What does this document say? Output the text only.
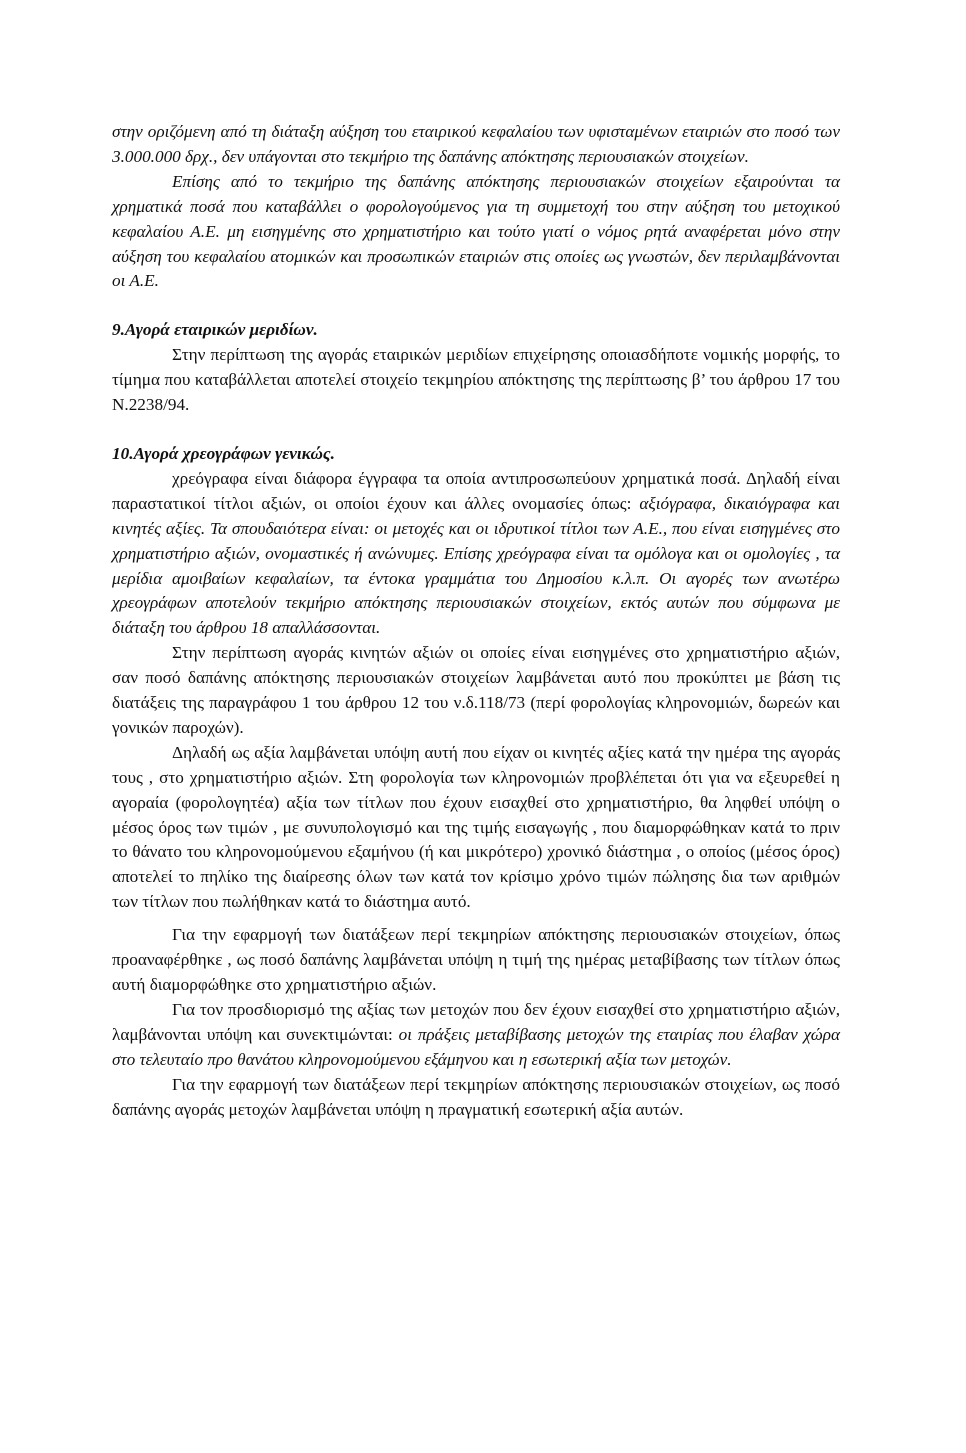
στην οριζόμενη από τη διάταξη αύξηση του εταιρικού κεφαλαίου των υφισταμένων εταιριών στο ποσό των 3.000.000 δρχ., δεν υπάγονται στο τεκμήριο της δαπάνης απόκτησης περιουσιακών στοιχείων.

Επίσης από το τεκμήριο της δαπάνης απόκτησης περιουσιακών στοιχείων εξαιρούνται τα χρηματικά ποσά που καταβάλλει ο φορολογούμενος για τη συμμετοχή του στην αύξηση του μετοχικού κεφαλαίου Α.Ε. μη εισηγμένης στο χρηματιστήριο και τούτο γιατί ο νόμος ρητά αναφέρεται μόνο στην αύξηση του κεφαλαίου ατομικών και προσωπικών εταιριών στις οποίες ως γνωστών, δεν περιλαμβάνονται οι Α.Ε.

9.Αγορά εταιρικών μεριδίων.

Στην περίπτωση της αγοράς εταιρικών μεριδίων επιχείρησης οποιασδήποτε νομικής μορφής, το τίμημα που καταβάλλεται αποτελεί στοιχείο τεκμηρίου απόκτησης της περίπτωσης β’ του άρθρου 17 του Ν.2238/94.

10.Αγορά χρεογράφων γενικώς.

χρεόγραφα είναι διάφορα έγγραφα τα οποία αντιπροσωπεύουν χρηματικά ποσά. Δηλαδή είναι παραστατικοί τίτλοι αξιών, οι οποίοι έχουν και άλλες ονομασίες όπως: αξιόγραφα, δικαιόγραφα και κινητές αξίες. Τα σπουδαιότερα είναι: οι μετοχές και οι ιδρυτικοί τίτλοι των Α.Ε., που είναι εισηγμένες στο χρηματιστήριο αξιών, ονομαστικές ή ανώνυμες. Επίσης χρεόγραφα είναι τα ομόλογα και οι ομολογίες , τα μερίδια αμοιβαίων κεφαλαίων, τα έντοκα γραμμάτια του Δημοσίου κ.λ.π. Οι αγορές των ανωτέρω χρεογράφων αποτελούν τεκμήριο απόκτησης περιουσιακών στοιχείων, εκτός αυτών που σύμφωνα με διάταξη του άρθρου 18 απαλλάσσονται.

Στην περίπτωση αγοράς κινητών αξιών οι οποίες είναι εισηγμένες στο χρηματιστήριο αξιών, σαν ποσό δαπάνης απόκτησης περιουσιακών στοιχείων λαμβάνεται αυτό που προκύπτει με βάση τις διατάξεις της παραγράφου 1 του άρθρου 12 του ν.δ.118/73 (περί φορολογίας κληρονομιών, δωρεών και γονικών παροχών).

Δηλαδή ως αξία λαμβάνεται υπόψη αυτή που είχαν οι κινητές αξίες κατά την ημέρα της αγοράς τους , στο χρηματιστήριο αξιών. Στη φορολογία των κληρονομιών προβλέπεται ότι για να εξευρεθεί η αγοραία (φορολογητέα) αξία των τίτλων που έχουν εισαχθεί στο χρηματιστήριο, θα ληφθεί υπόψη ο μέσος όρος των τιμών , με συνυπολογισμό και της τιμής εισαγωγής , που διαμορφώθηκαν κατά το πριν το θάνατο του κληρονομούμενου εξαμήνου (ή και μικρότερο) χρονικό διάστημα , ο οποίος (μέσος όρος) αποτελεί το πηλίκο της διαίρεσης όλων των κατά τον κρίσιμο χρόνο τιμών πώλησης δια των αριθμών των τίτλων που πωλήθηκαν κατά το διάστημα αυτό.

Για την εφαρμογή των διατάξεων περί τεκμηρίων απόκτησης περιουσιακών στοιχείων, όπως προαναφέρθηκε , ως ποσό δαπάνης λαμβάνεται υπόψη η τιμή της ημέρας μεταβίβασης των τίτλων όπως αυτή διαμορφώθηκε στο χρηματιστήριο αξιών.

Για τον προσδιορισμό της αξίας των μετοχών που δεν έχουν εισαχθεί στο χρηματιστήριο αξιών, λαμβάνονται υπόψη και συνεκτιμώνται: οι πράξεις μεταβίβασης μετοχών της εταιρίας που έλαβαν χώρα στο τελευταίο προ θανάτου κληρονομούμενου εξάμηνου και η εσωτερική αξία των μετοχών.

Για την εφαρμογή των διατάξεων περί τεκμηρίων απόκτησης περιουσιακών στοιχείων, ως ποσό δαπάνης αγοράς μετοχών λαμβάνεται υπόψη η πραγματική εσωτερική αξία αυτών.
